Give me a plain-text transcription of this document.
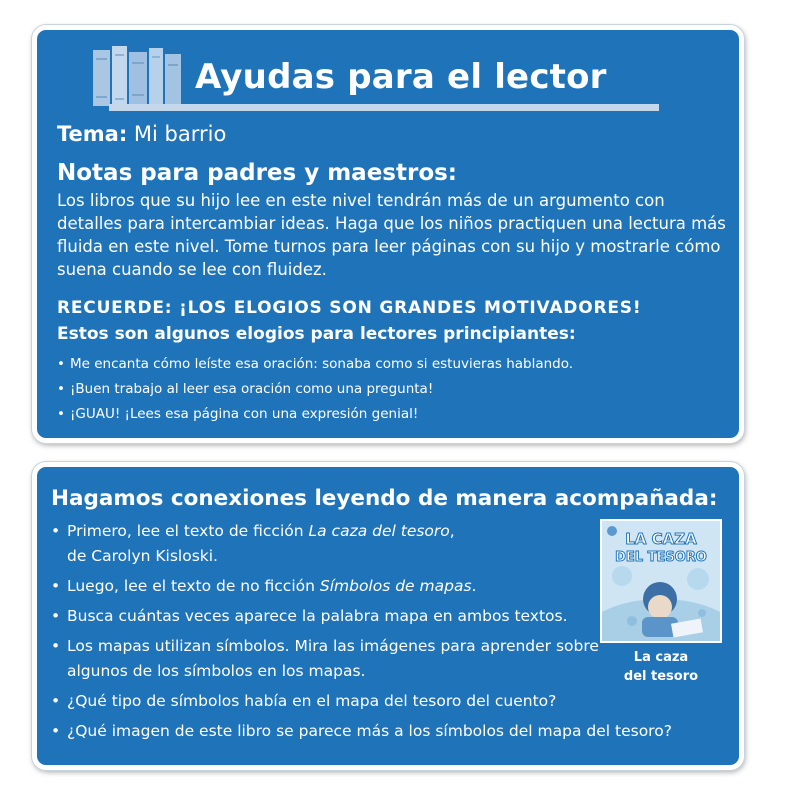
Ayudas para el lector
Tema: Mi barrio
Notas para padres y maestros:
Los libros que su hijo lee en este nivel tendrán más de un argumento con detalles para intercambiar ideas. Haga que los niños practiquen una lectura más fluida en este nivel. Tome turnos para leer páginas con su hijo y mostrarle cómo suena cuando se lee con fluidez.
RECUERDE: ¡LOS ELOGIOS SON GRANDES MOTIVADORES!
Estos son algunos elogios para lectores principiantes:
• Me encanta cómo leíste esa oración: sonaba como si estuvieras hablando.
• ¡Buen trabajo al leer esa oración como una pregunta!
• ¡GUAU! ¡Lees esa página con una expresión genial!
Hagamos conexiones leyendo de manera acompañada:
• Primero, lee el texto de ficción La caza del tesoro,
de Carolyn Kisloski.
• Luego, lee el texto de no ficción Símbolos de mapas.
• Busca cuántas veces aparece la palabra mapa en ambos textos.
• Los mapas utilizan símbolos. Mira las imágenes para aprender sobre algunos de los símbolos en los mapas.
• ¿Qué tipo de símbolos había en el mapa del tesoro del cuento?
• ¿Qué imagen de este libro se parece más a los símbolos del mapa del tesoro?
LA CAZA
DEL TESORO
La caza
del tesoro
